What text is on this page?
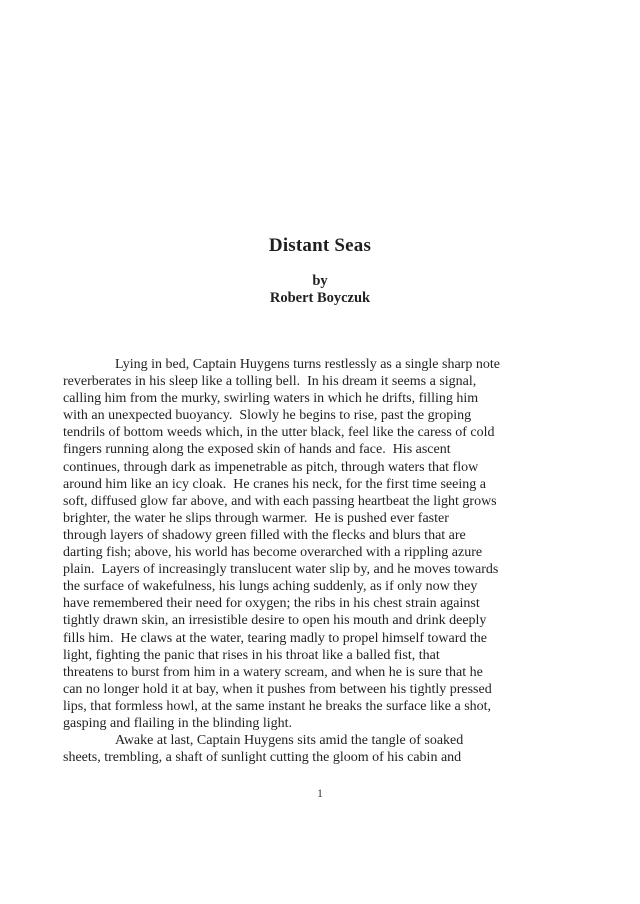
Distant Seas
by
Robert Boyczuk
Lying in bed, Captain Huygens turns restlessly as a single sharp note
reverberates in his sleep like a tolling bell.  In his dream it seems a signal,
calling him from the murky, swirling waters in which he drifts, filling him
with an unexpected buoyancy.  Slowly he begins to rise, past the groping
tendrils of bottom weeds which, in the utter black, feel like the caress of cold
fingers running along the exposed skin of hands and face.  His ascent
continues, through dark as impenetrable as pitch, through waters that flow
around him like an icy cloak.  He cranes his neck, for the first time seeing a
soft, diffused glow far above, and with each passing heartbeat the light grows
brighter, the water he slips through warmer.  He is pushed ever faster
through layers of shadowy green filled with the flecks and blurs that are
darting fish; above, his world has become overarched with a rippling azure
plain.  Layers of increasingly translucent water slip by, and he moves towards
the surface of wakefulness, his lungs aching suddenly, as if only now they
have remembered their need for oxygen; the ribs in his chest strain against
tightly drawn skin, an irresistible desire to open his mouth and drink deeply
fills him.  He claws at the water, tearing madly to propel himself toward the
light, fighting the panic that rises in his throat like a balled fist, that
threatens to burst from him in a watery scream, and when he is sure that he
can no longer hold it at bay, when it pushes from between his tightly pressed
lips, that formless howl, at the same instant he breaks the surface like a shot,
gasping and flailing in the blinding light.
Awake at last, Captain Huygens sits amid the tangle of soaked
sheets, trembling, a shaft of sunlight cutting the gloom of his cabin and
1
